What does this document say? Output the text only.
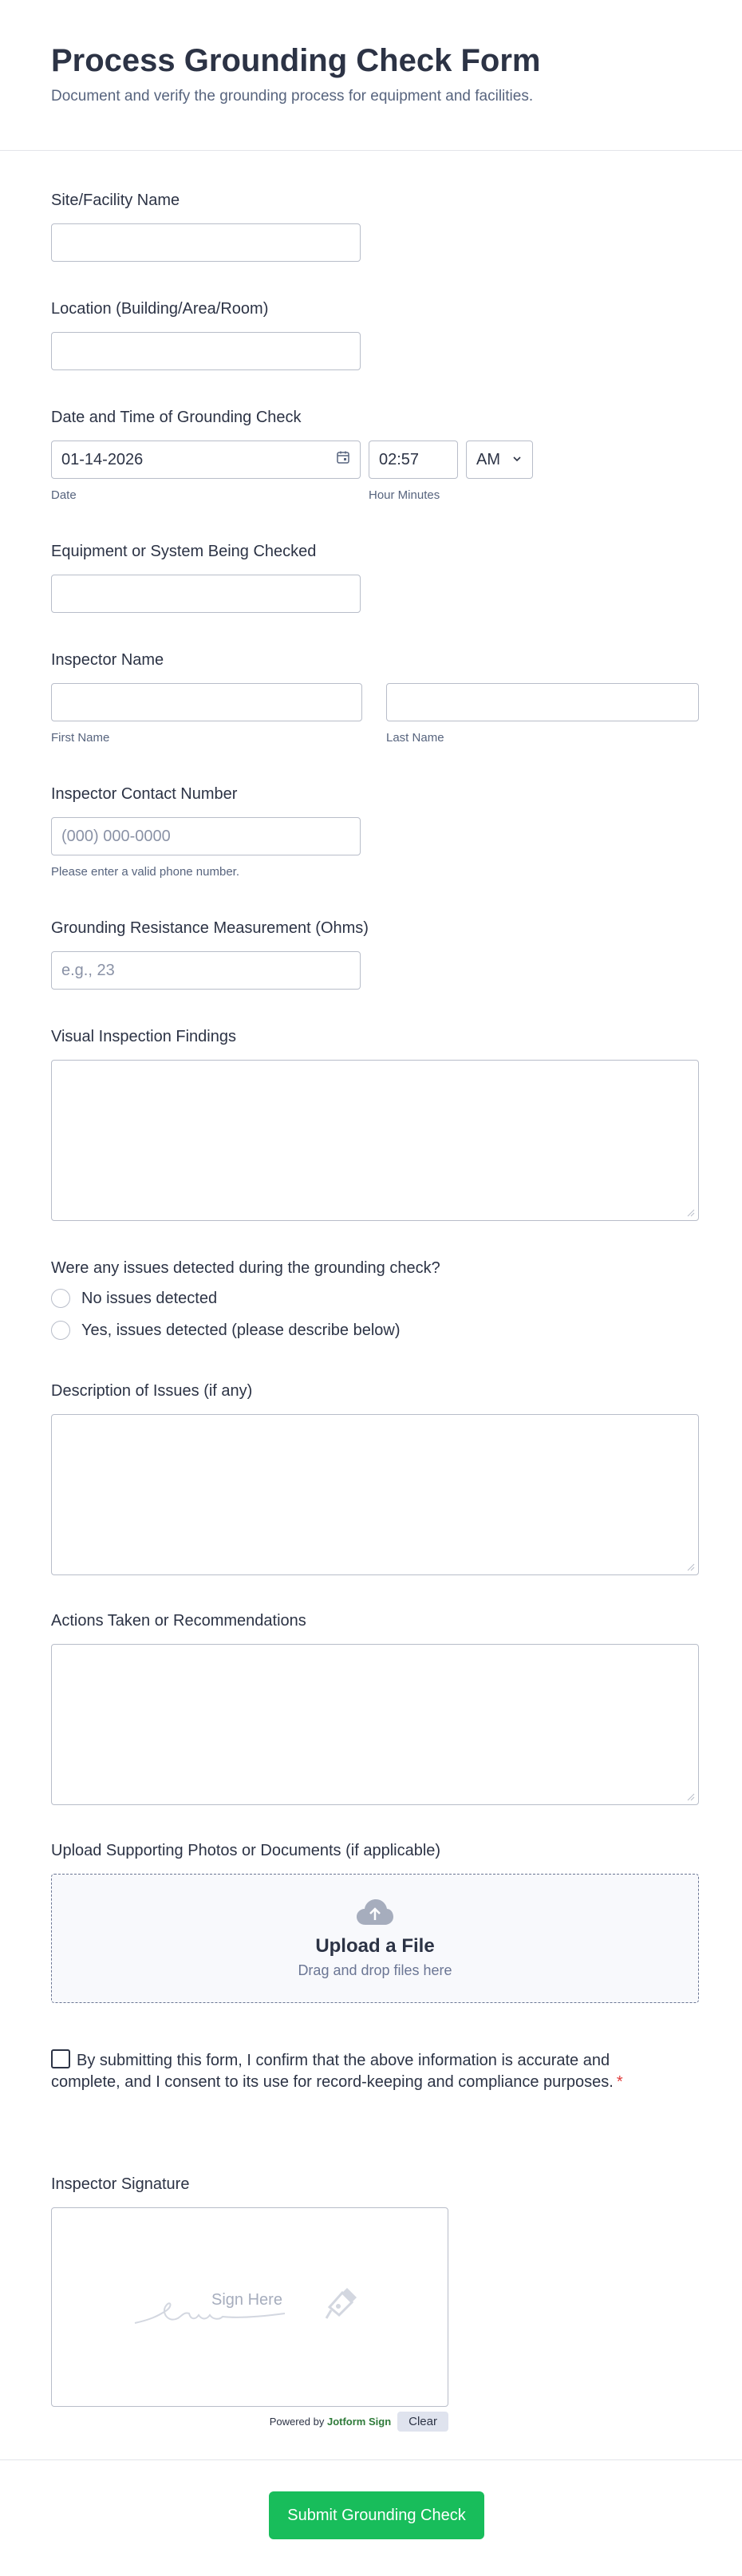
Process Grounding Check Form
Document and verify the grounding process for equipment and facilities.
Site/Facility Name
Location (Building/Area/Room)
Date and Time of Grounding Check
01-14-2026
Date
02:57
Hour Minutes
AM
Equipment or System Being Checked
Inspector Name
First Name	Last Name
Inspector Contact Number
(000) 000-0000
Please enter a valid phone number.
Grounding Resistance Measurement (Ohms)
e.g., 23
Visual Inspection Findings
Were any issues detected during the grounding check?
No issues detected
Yes, issues detected (please describe below)
Description of Issues (if any)
Actions Taken or Recommendations
Upload Supporting Photos or Documents (if applicable)
Upload a File
Drag and drop files here
By submitting this form, I confirm that the above information is accurate and complete, and I consent to its use for record-keeping and compliance purposes. *
Inspector Signature
Sign Here
Powered by Jotform Sign	Clear
Submit Grounding Check
